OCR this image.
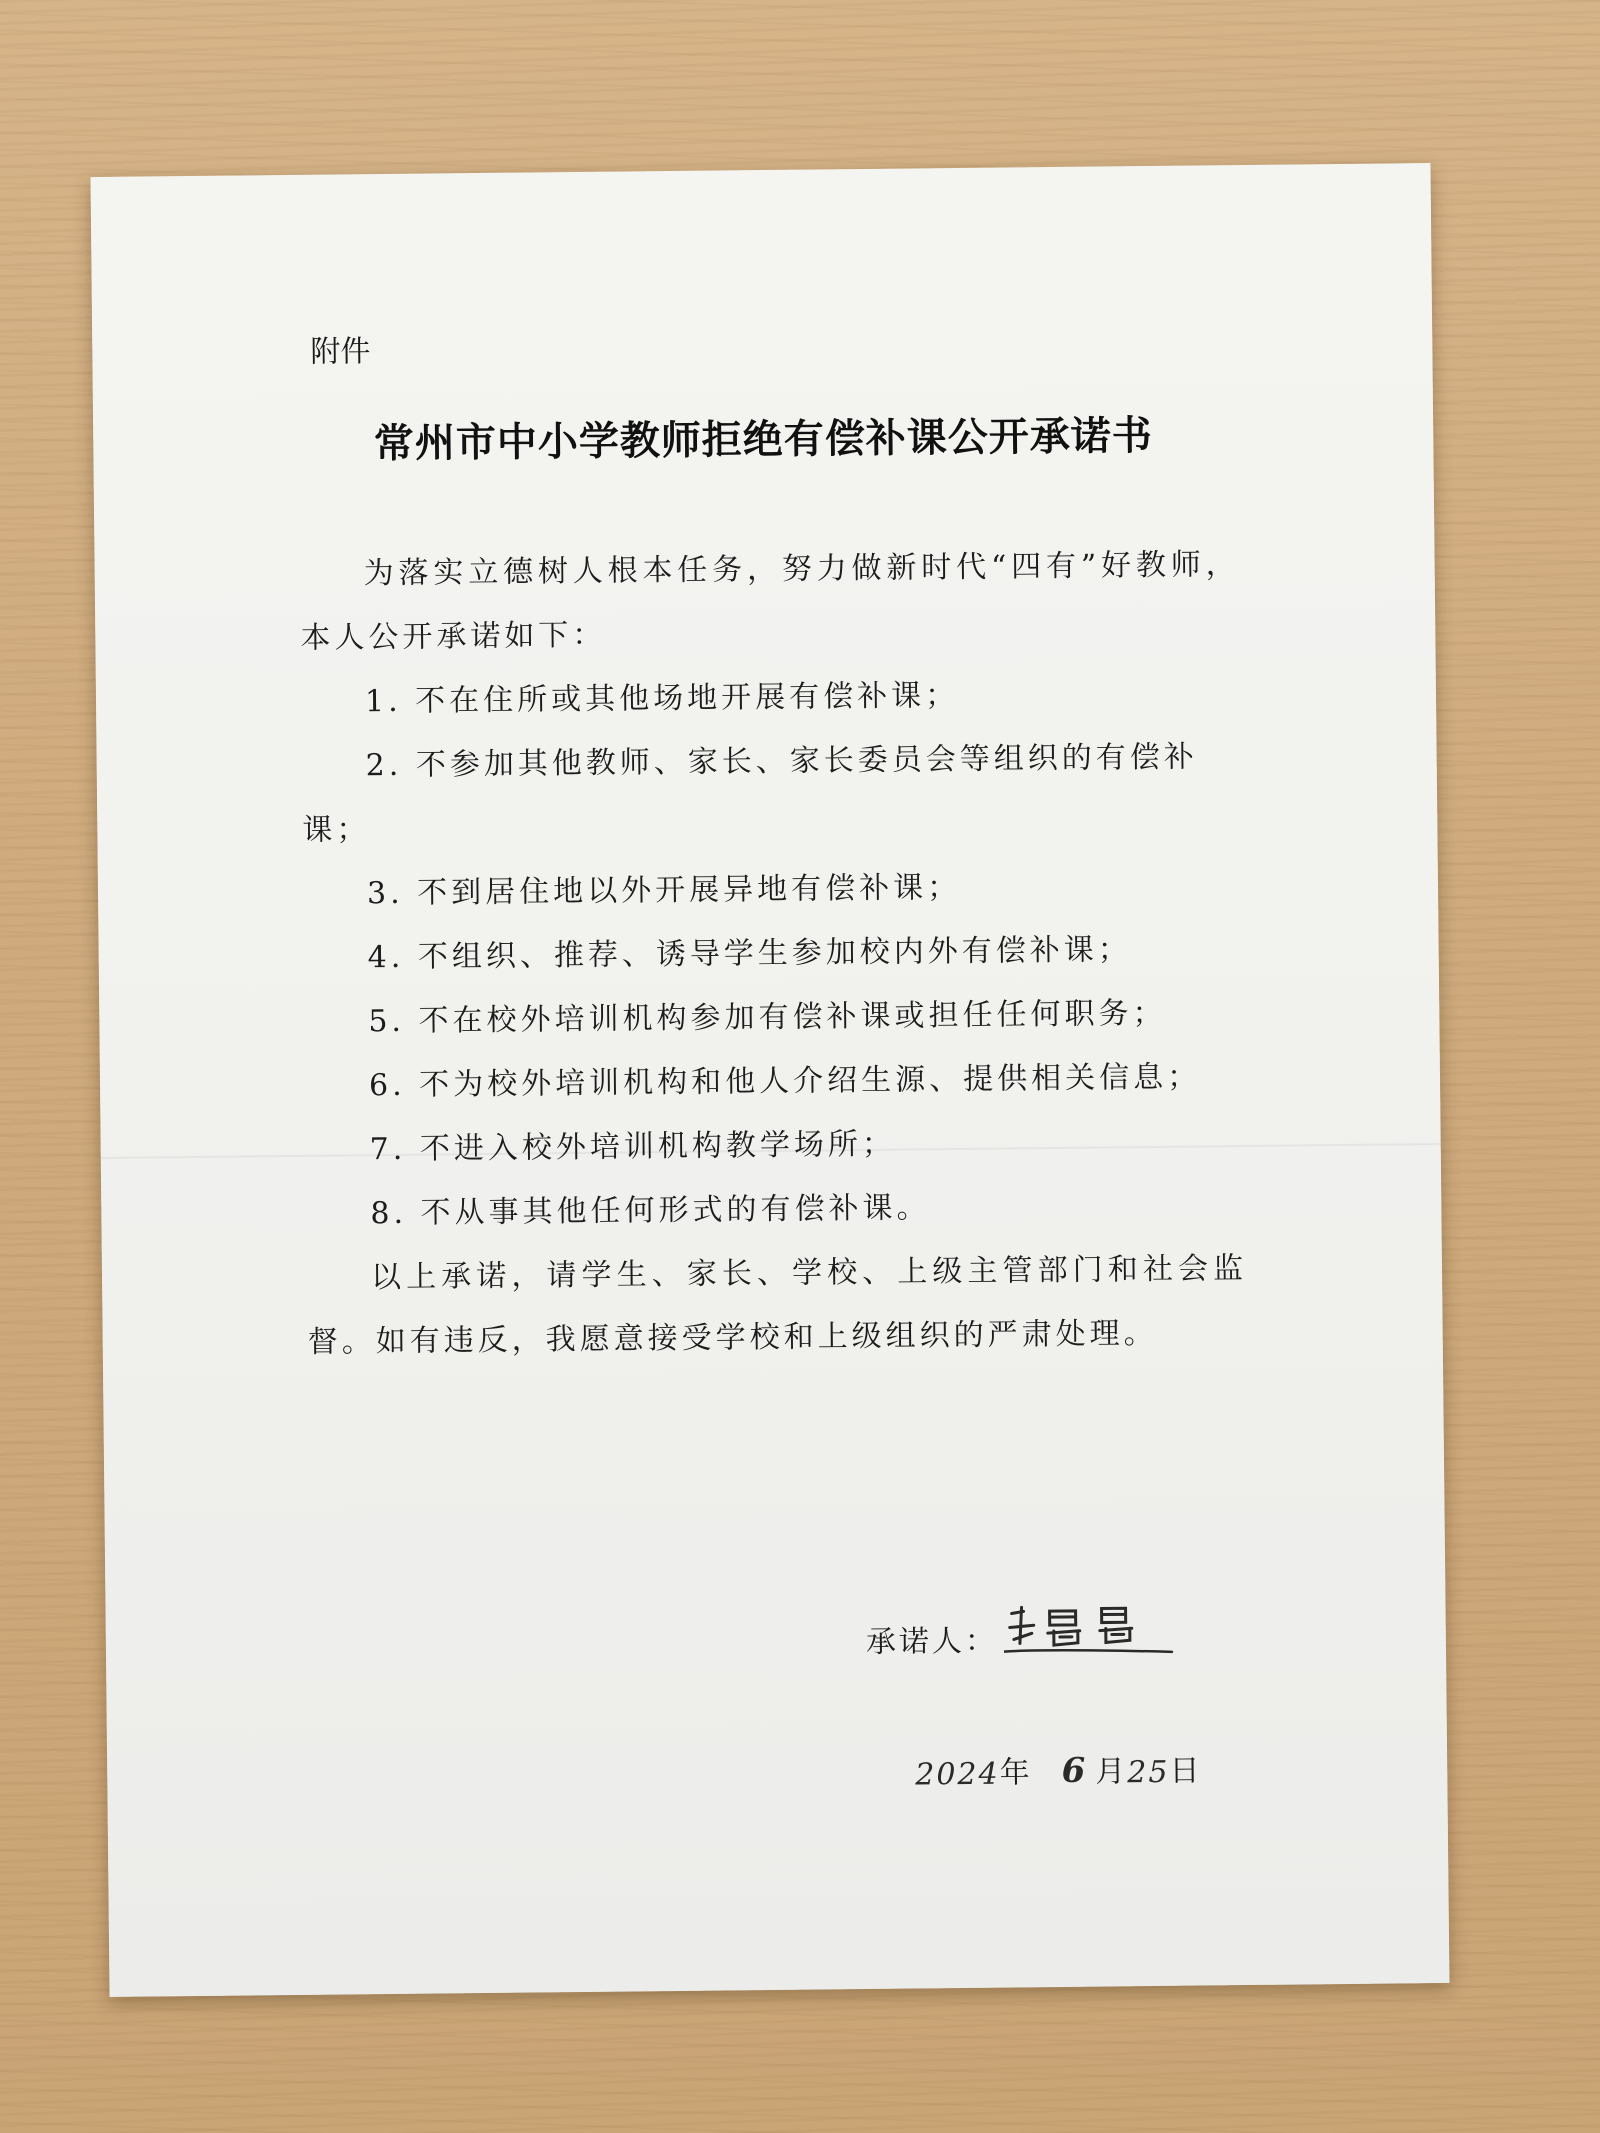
附件
常州市中小学教师拒绝有偿补课公开承诺书

为落实立德树人根本任务，努力做新时代“四有”好教师，本人公开承诺如下：

1. 不在住所或其他场地开展有偿补课；

2. 不参加其他教师、家长、家长委员会等组织的有偿补课；

3. 不到居住地以外开展异地有偿补课；

4. 不组织、推荐、诱导学生参加校内外有偿补课；

5. 不在校外培训机构参加有偿补课或担任任何职务；

6. 不为校外培训机构和他人介绍生源、提供相关信息；

7. 不进入校外培训机构教学场所；

8. 不从事其他任何形式的有偿补课。

以上承诺，请学生、家长、学校、上级主管部门和社会监督。如有违反，我愿意接受学校和上级组织的严肃处理。

承诺人：
2024 年 6 月 25 日
